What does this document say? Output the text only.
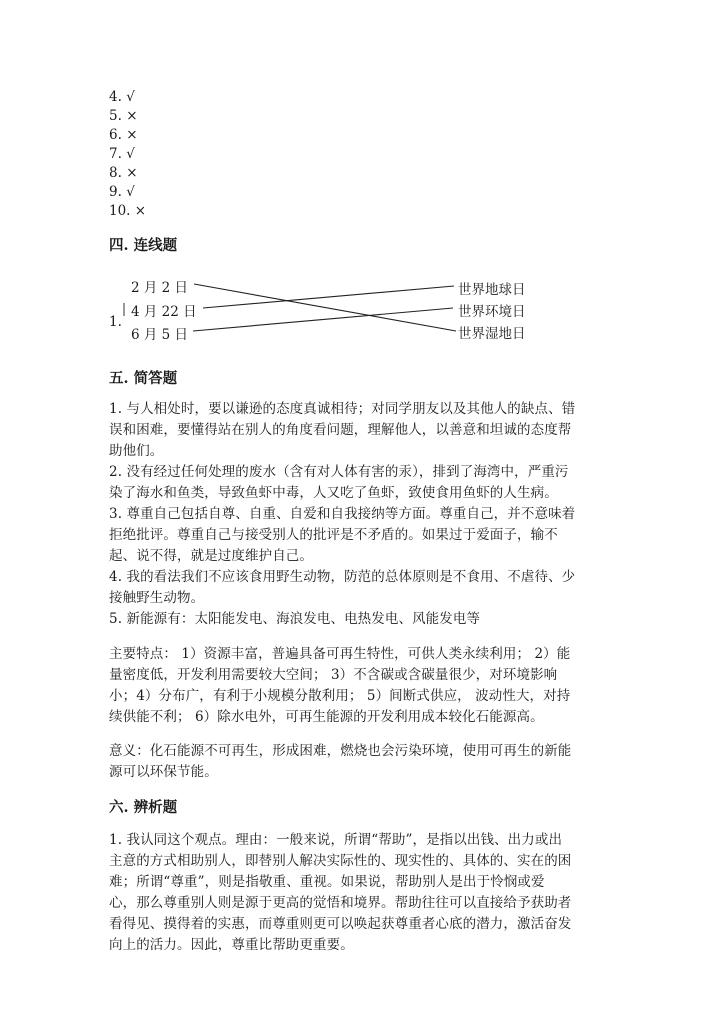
4. √
5. ×
6. ×
7. √
8. ×
9. √
10. ×
四. 连线题
1.
2 月 2 日
4 月 22 日
6 月 5 日
世界地球日
世界环境日
世界湿地日
五. 简答题
1. 与人相处时，要以谦逊的态度真诚相待；对同学朋友以及其他人的缺点、错
误和困难，要懂得站在别人的角度看问题，理解他人，以善意和坦诚的态度帮
助他们。
2. 没有经过任何处理的废水（含有对人体有害的汞），排到了海湾中，严重污
染了海水和鱼类，导致鱼虾中毒，人又吃了鱼虾，致使食用鱼虾的人生病。
3. 尊重自己包括自尊、自重、自爱和自我接纳等方面。尊重自己，并不意味着
拒绝批评。尊重自己与接受别人的批评是不矛盾的。如果过于爱面子，输不
起、说不得，就是过度维护自己。
4. 我的看法我们不应该食用野生动物，防范的总体原则是不食用、不虐待、少
接触野生动物。
5. 新能源有：太阳能发电、海浪发电、电热发电、风能发电等
主要特点： 1）资源丰富，普遍具备可再生特性，可供人类永续利用； 2）能
量密度低，开发利用需要较大空间； 3）不含碳或含碳量很少，对环境影响
小；4）分布广，有利于小规模分散利用； 5）间断式供应， 波动性大，对持
续供能不利； 6）除水电外，可再生能源的开发利用成本较化石能源高。
意义：化石能源不可再生，形成困难，燃烧也会污染环境，使用可再生的新能
源可以环保节能。
六. 辨析题
1. 我认同这个观点。理由：一般来说，所谓“帮助”，是指以出钱、出力或出
主意的方式相助别人，即替别人解决实际性的、现实性的、具体的、实在的困
难；所谓“尊重”，则是指敬重、重视。如果说，帮助别人是出于怜悯或爱
心，那么尊重别人则是源于更高的觉悟和境界。帮助往往可以直接给予获助者
看得见、摸得着的实惠，而尊重则更可以唤起获尊重者心底的潜力，激活奋发
向上的活力。因此，尊重比帮助更重要。
